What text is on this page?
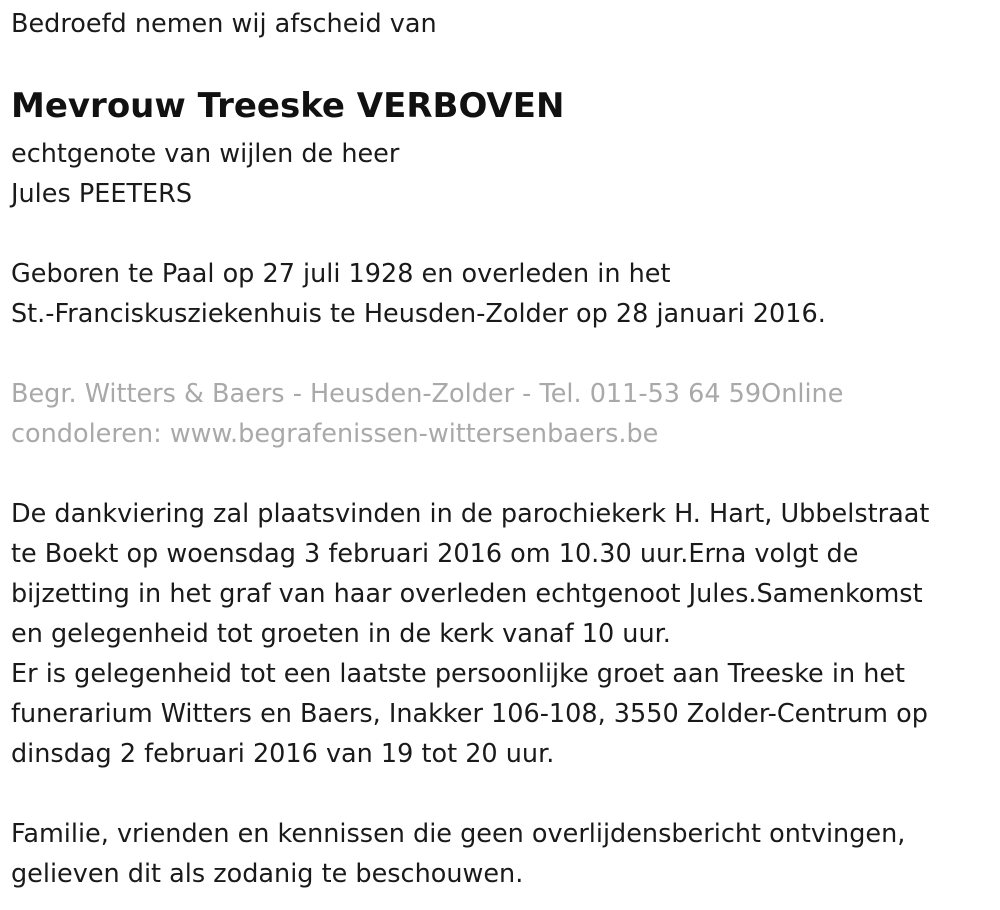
Bedroefd nemen wij afscheid van
Mevrouw Treeske VERBOVEN
echtgenote van wijlen de heer
Jules PEETERS
Geboren te Paal op 27 juli 1928 en overleden in het
St.-Franciskusziekenhuis te Heusden-Zolder op 28 januari 2016.
Begr. Witters & Baers - Heusden-Zolder - Tel. 011-53 64 59Online
condoleren: www.begrafenissen-wittersenbaers.be
De dankviering zal plaatsvinden in de parochiekerk H. Hart, Ubbelstraat
te Boekt op woensdag 3 februari 2016 om 10.30 uur.Erna volgt de
bijzetting in het graf van haar overleden echtgenoot Jules.Samenkomst
en gelegenheid tot groeten in de kerk vanaf 10 uur.
Er is gelegenheid tot een laatste persoonlijke groet aan Treeske in het
funerarium Witters en Baers, Inakker 106-108, 3550 Zolder-Centrum op
dinsdag 2 februari 2016 van 19 tot 20 uur.
Familie, vrienden en kennissen die geen overlijdensbericht ontvingen,
gelieven dit als zodanig te beschouwen.
